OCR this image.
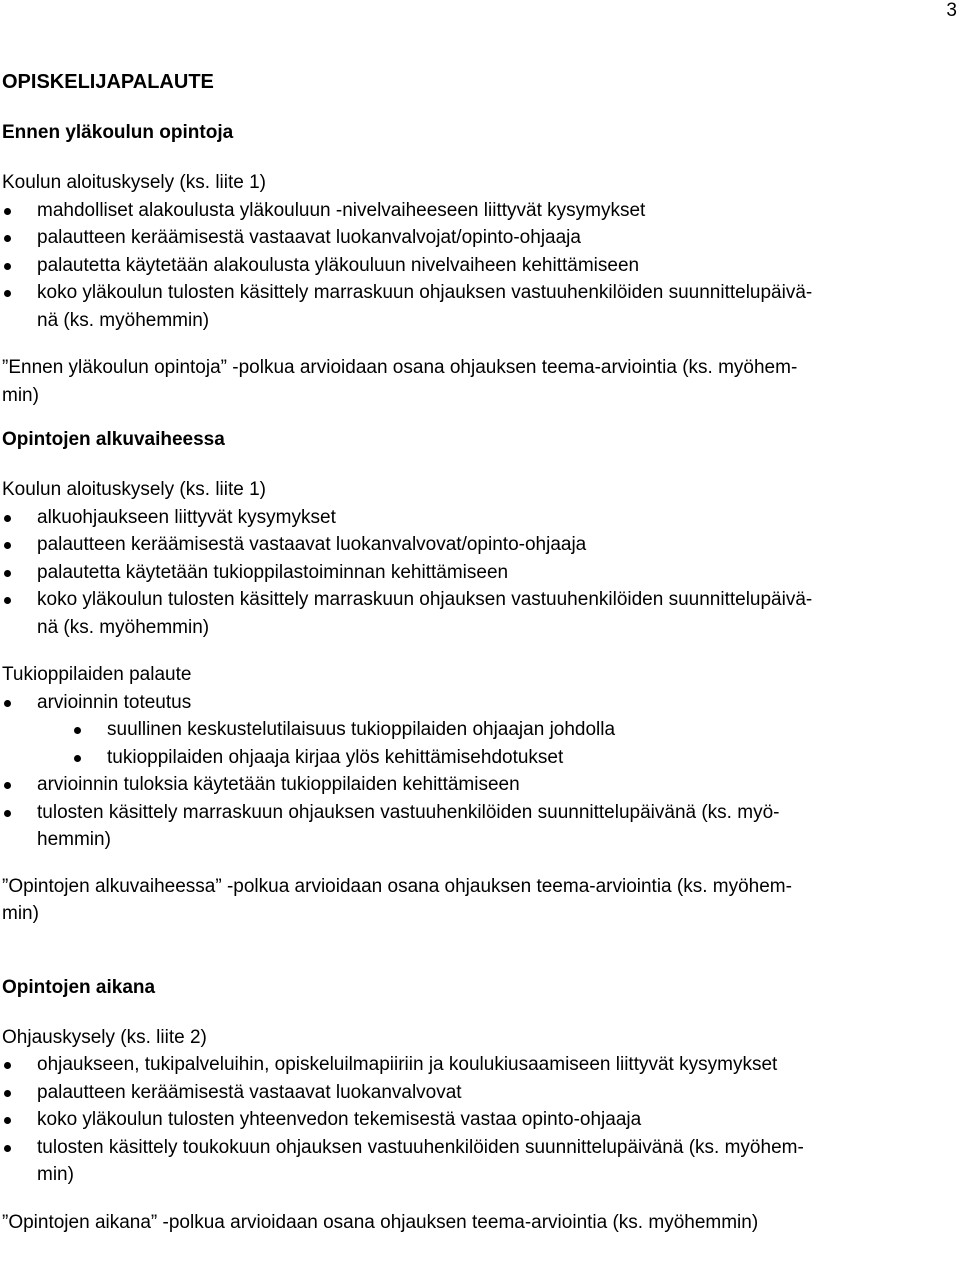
3
OPISKELIJAPALAUTE
Ennen yläkoulun opintoja
Koulun aloituskysely (ks. liite 1)
mahdolliset alakoulusta yläkouluun -nivelvaiheeseen liittyvät kysymykset
palautteen keräämisestä vastaavat luokanvalvojat/opinto-ohjaaja
palautetta käytetään alakoulusta yläkouluun nivelvaiheen kehittämiseen
koko yläkoulun tulosten käsittely marraskuun ohjauksen vastuuhenkilöiden suunnittelupäivä-
nä (ks. myöhemmin)
”Ennen yläkoulun opintoja” -polkua arvioidaan osana ohjauksen teema-arviointia (ks. myöhem-
min)
Opintojen alkuvaiheessa
Koulun aloituskysely (ks. liite 1)
alkuohjaukseen liittyvät kysymykset
palautteen keräämisestä vastaavat luokanvalvovat/opinto-ohjaaja
palautetta käytetään tukioppilastoiminnan kehittämiseen
koko yläkoulun tulosten käsittely marraskuun ohjauksen vastuuhenkilöiden suunnittelupäivä-
nä (ks. myöhemmin)
Tukioppilaiden palaute
arvioinnin toteutus
suullinen keskustelutilaisuus tukioppilaiden ohjaajan johdolla
tukioppilaiden ohjaaja kirjaa ylös kehittämisehdotukset
arvioinnin tuloksia käytetään tukioppilaiden kehittämiseen
tulosten käsittely marraskuun ohjauksen vastuuhenkilöiden suunnittelupäivänä (ks. myö-
hemmin)
”Opintojen alkuvaiheessa” -polkua arvioidaan osana ohjauksen teema-arviointia (ks. myöhem-
min)
Opintojen aikana
Ohjauskysely (ks. liite 2)
ohjaukseen, tukipalveluihin, opiskeluilmapiiriin ja koulukiusaamiseen liittyvät kysymykset
palautteen keräämisestä vastaavat luokanvalvovat
koko yläkoulun tulosten yhteenvedon tekemisestä vastaa opinto-ohjaaja
tulosten käsittely toukokuun ohjauksen vastuuhenkilöiden suunnittelupäivänä (ks. myöhem-
min)
”Opintojen aikana” -polkua arvioidaan osana ohjauksen teema-arviointia (ks. myöhemmin)
